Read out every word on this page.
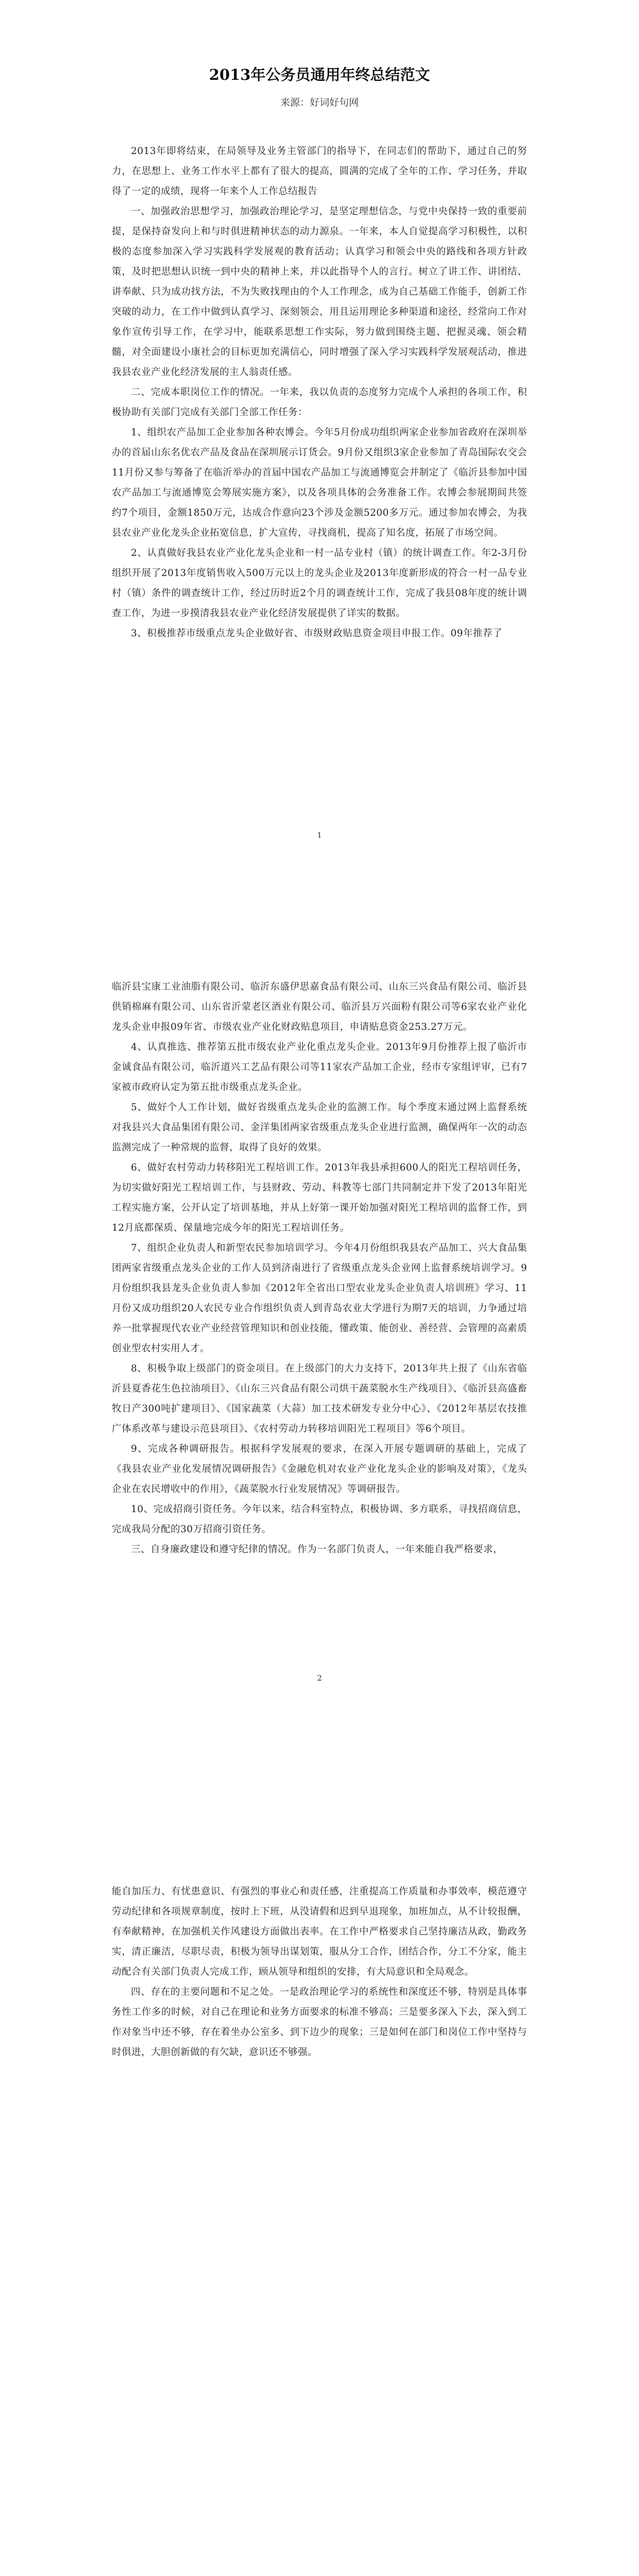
2013年公务员通用年终总结范文
来源：好词好句网

2013年即将结束，在局领导及业务主管部门的指导下，在同志们的帮助下，通过自己的努力，在思想上、业务工作水平上都有了很大的提高，圆满的完成了全年的工作、学习任务，并取得了一定的成绩，现将一年来个人工作总结报告

一、加强政治思想学习，加强政治理论学习，是坚定理想信念，与党中央保持一致的重要前提，是保持奋发向上和与时俱进精神状态的动力源泉。一年来，本人自觉提高学习积极性，以积极的态度参加深入学习实践科学发展观的教育活动；认真学习和领会中央的路线和各项方针政策，及时把思想认识统一到中央的精神上来，并以此指导个人的言行。树立了讲工作、讲团结、讲奉献、只为成功找方法，不为失败找理由的个人工作理念，成为自己基础工作能手，创新工作突破的动力，在工作中做到认真学习、深刻领会，用且运用理论多种渠道和途径，经常向工作对象作宣传引导工作，在学习中，能联系思想工作实际，努力做到围绕主题、把握灵魂、领会精髓，对全面建设小康社会的目标更加充满信心，同时增强了深入学习实践科学发展观活动，推进我县农业产业化经济发展的主人翁责任感。

二、完成本职岗位工作的情况。一年来，我以负责的态度努力完成个人承担的各项工作，积极协助有关部门完成有关部门全部工作任务：

1、组织农产品加工企业参加各种农博会。今年5月份成功组织两家企业参加省政府在深圳举办的首届山东名优农产品及食品在深圳展示订货会。9月份又组织3家企业参加了青岛国际农交会11月份又参与筹备了在临沂举办的首届中国农产品加工与流通博览会并制定了《临沂县参加中国农产品加工与流通博览会筹展实施方案》，以及各项具体的会务准备工作。农博会参展期间共签约7个项目，金额1850万元，达成合作意向23个涉及金额5200多万元。通过参加农博会，为我县农业产业化龙头企业拓宽信息，扩大宣传，寻找商机，提高了知名度，拓展了市场空间。

2、认真做好我县农业产业化龙头企业和一村一品专业村（镇）的统计调查工作。年2-3月份组织开展了2013年度销售收入500万元以上的龙头企业及2013年度新形成的符合一村一品专业村（镇）条件的调查统计工作，经过历时近2个月的调查统计工作，完成了我县08年度的统计调查工作，为进一步摸清我县农业产业化经济发展提供了详实的数据。

3、积极推荐市级重点龙头企业做好省、市级财政贴息资金项目申报工作。09年推荐了

1

临沂县宝康工业油脂有限公司、临沂东盛伊思嘉食品有限公司、山东三兴食品有限公司、临沂县供销棉麻有限公司、山东省沂蒙老区酒业有限公司、临沂县万兴面粉有限公司等6家农业产业化龙头企业申报09年省、市级农业产业化财政贴息项目，申请贴息资金253.27万元。

4、认真推选、推荐第五批市级农业产业化重点龙头企业。2013年9月份推荐上报了临沂市金诚食品有限公司，临沂道兴工艺品有限公司等11家农产品加工企业，经市专家组评审，已有7家被市政府认定为第五批市级重点龙头企业。

5、做好个人工作计划，做好省级重点龙头企业的监测工作。每个季度末通过网上监督系统对我县兴大食品集团有限公司、金洋集团两家省级重点龙头企业进行监测，确保两年一次的动态监测完成了一种常规的监督，取得了良好的效果。

6、做好农村劳动力转移阳光工程培训工作。2013年我县承担600人的阳光工程培训任务，为切实做好阳光工程培训工作，与县财政、劳动、科教等七部门共同制定并下发了2013年阳光工程实施方案，公开认定了培训基地，并从上好第一课开始加强对阳光工程培训的监督工作，到12月底都保质、保量地完成今年的阳光工程培训任务。

7、组织企业负责人和新型农民参加培训学习。今年4月份组织我县农产品加工、兴大食品集团两家省级重点龙头企业的工作人员到济南进行了省级重点龙头企业网上监督系统培训学习。9月份组织我县龙头企业负责人参加《2012年全省出口型农业龙头企业负责人培训班》学习、11月份又成功组织20人农民专业合作组织负责人到青岛农业大学进行为期7天的培训，力争通过培养一批掌握现代农业产业经营管理知识和创业技能，懂政策、能创业、善经营、会管理的高素质创业型农村实用人才。

8、积极争取上级部门的资金项目。在上级部门的大力支持下，2013年共上报了《山东省临沂县夏香花生色拉油项目》、《山东三兴食品有限公司烘干蔬菜脱水生产线项目》、《临沂县高盛畜牧日产300吨扩建项目》、《国家蔬菜（大蒜）加工技术研发专业分中心》、《2012年基层农技推广体系改革与建设示范县项目》、《农村劳动力转移培训阳光工程项目》等6个项目。

9、完成各种调研报告。根据科学发展观的要求，在深入开展专题调研的基础上，完成了《我县农业产业化发展情况调研报告》《金融危机对农业产业化龙头企业的影响及对策》，《龙头企业在农民增收中的作用》，《蔬菜脱水行业发展情况》等调研报告。

10、完成招商引资任务。今年以来，结合科室特点，积极协调、多方联系，寻找招商信息，完成我局分配的30万招商引资任务。

三、自身廉政建设和遵守纪律的情况。作为一名部门负责人，一年来能自我严格要求，

2

能自加压力、有忧患意识、有强烈的事业心和责任感，注重提高工作质量和办事效率，模范遵守劳动纪律和各项规章制度，按时上下班，从没请假和迟到早退现象，加班加点，从不计较报酬，有奉献精神，在加强机关作风建设方面做出表率。在工作中严格要求自己坚持廉洁从政，勤政务实，清正廉洁，尽职尽责，积极为领导出谋划策，服从分工合作，团结合作，分工不分家，能主动配合有关部门负责人完成工作，顾从领导和组织的安排，有大局意识和全局观念。

四、存在的主要问题和不足之处。一是政治理论学习的系统性和深度还不够，特别是具体事务性工作多的时候，对自己在理论和业务方面要求的标准不够高；三是要多深入下去，深入到工作对象当中还不够，存在着坐办公室多、到下边少的现象；三是如何在部门和岗位工作中坚持与时俱进，大胆创新做的有欠缺，意识还不够强。
